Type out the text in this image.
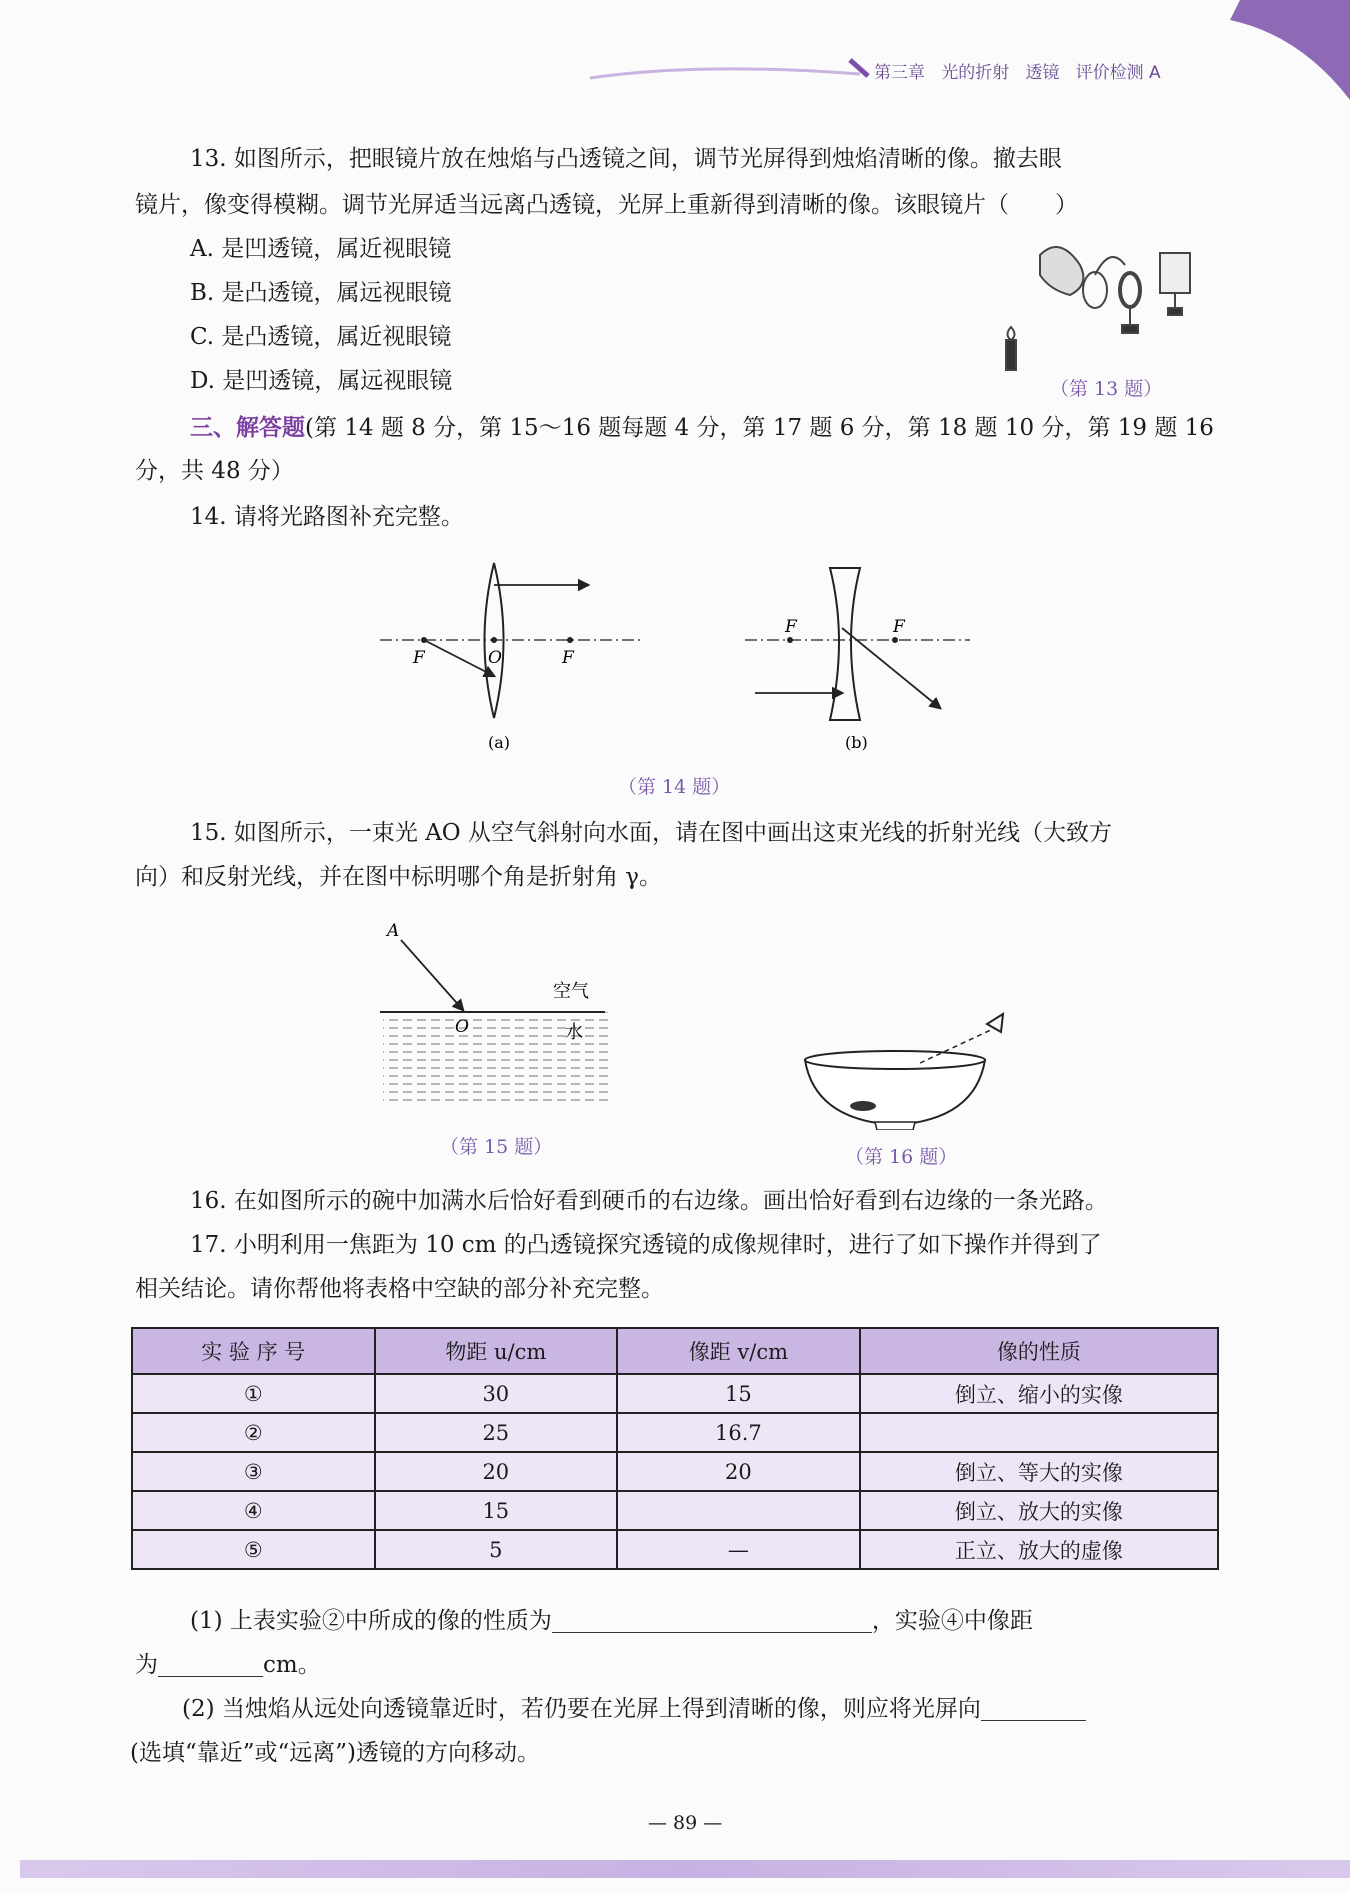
第三章 光的折射 透镜 评价检测 A
13. 如图所示，把眼镜片放在烛焰与凸透镜之间，调节光屏得到烛焰清晰的像。撤去眼
镜片，像变得模糊。调节光屏适当远离凸透镜，光屏上重新得到清晰的像。该眼镜片（　　）
A. 是凹透镜，属近视眼镜
B. 是凸透镜，属远视眼镜
C. 是凸透镜，属近视眼镜
D. 是凹透镜，属远视眼镜	（第 13 题）
三、解答题(第 14 题 8 分，第 15～16 题每题 4 分，第 17 题 6 分，第 18 题 10 分，第 19 题 16
分，共 48 分）
14. 请将光路图补充完整。
F	O	F
(a)
F	F
(b)
（第 14 题）
15. 如图所示，一束光 AO 从空气斜射向水面，请在图中画出这束光线的折射光线（大致方
向）和反射光线，并在图中标明哪个角是折射角 γ。
A
O
空气
水
（第 15 题）	（第 16 题）
16. 在如图所示的碗中加满水后恰好看到硬币的右边缘。画出恰好看到右边缘的一条光路。
17. 小明利用一焦距为 10 cm 的凸透镜探究透镜的成像规律时，进行了如下操作并得到了
相关结论。请你帮他将表格中空缺的部分补充完整。
实 验 序 号	物距 u/cm	像距 v/cm	像的性质
①	30	15	倒立、缩小的实像
②	25	16.7	
③	20	20	倒立、等大的实像
④	15		倒立、放大的实像
⑤	5	—	正立、放大的虚像
(1) 上表实验②中所成的像的性质为	，实验④中像距
为	cm。
(2) 当烛焰从远处向透镜靠近时，若仍要在光屏上得到清晰的像，则应将光屏向
(选填“靠近”或“远离”)透镜的方向移动。
— 89 —
